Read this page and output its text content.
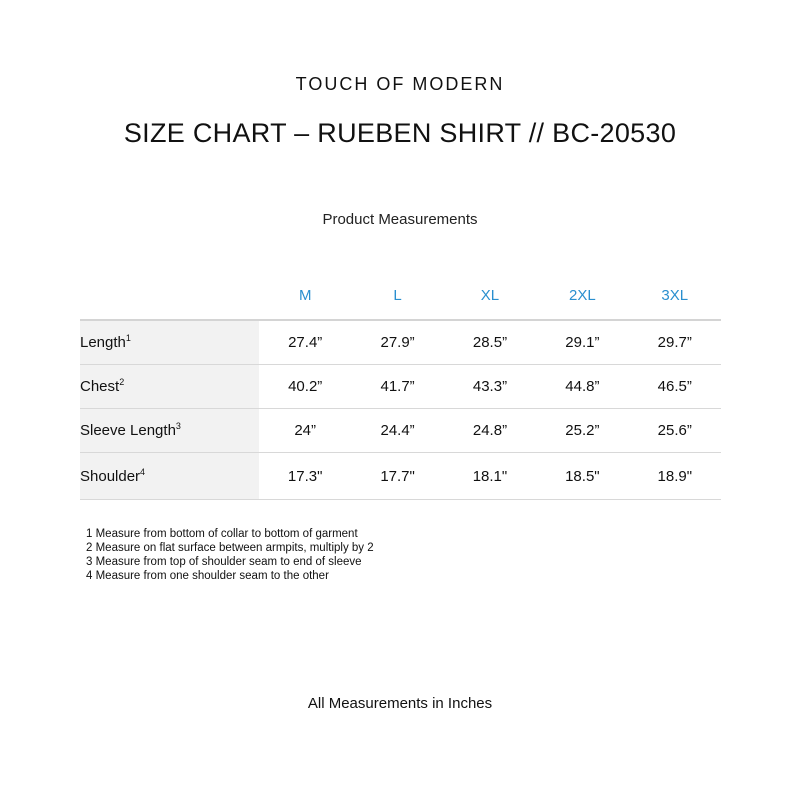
TOUCH OF MODERN
SIZE CHART – RUEBEN SHIRT // BC-20530
Product Measurements
	M	L	XL	2XL	3XL
Length$^1$	27.4”	27.9”	28.5”	29.1”	29.7”
Chest$^2$	40.2”	41.7”	43.3”	44.8”	46.5”
Sleeve Length$^3$	24”	24.4”	24.8”	25.2”	25.6”
Shoulder$^4$	17.3"	17.7"	18.1"	18.5"	18.9"
1 Measure from bottom of collar to bottom of garment
2 Measure on flat surface between armpits, multiply by 2
3 Measure from top of shoulder seam to end of sleeve
4 Measure from one shoulder seam to the other
All Measurements in Inches
